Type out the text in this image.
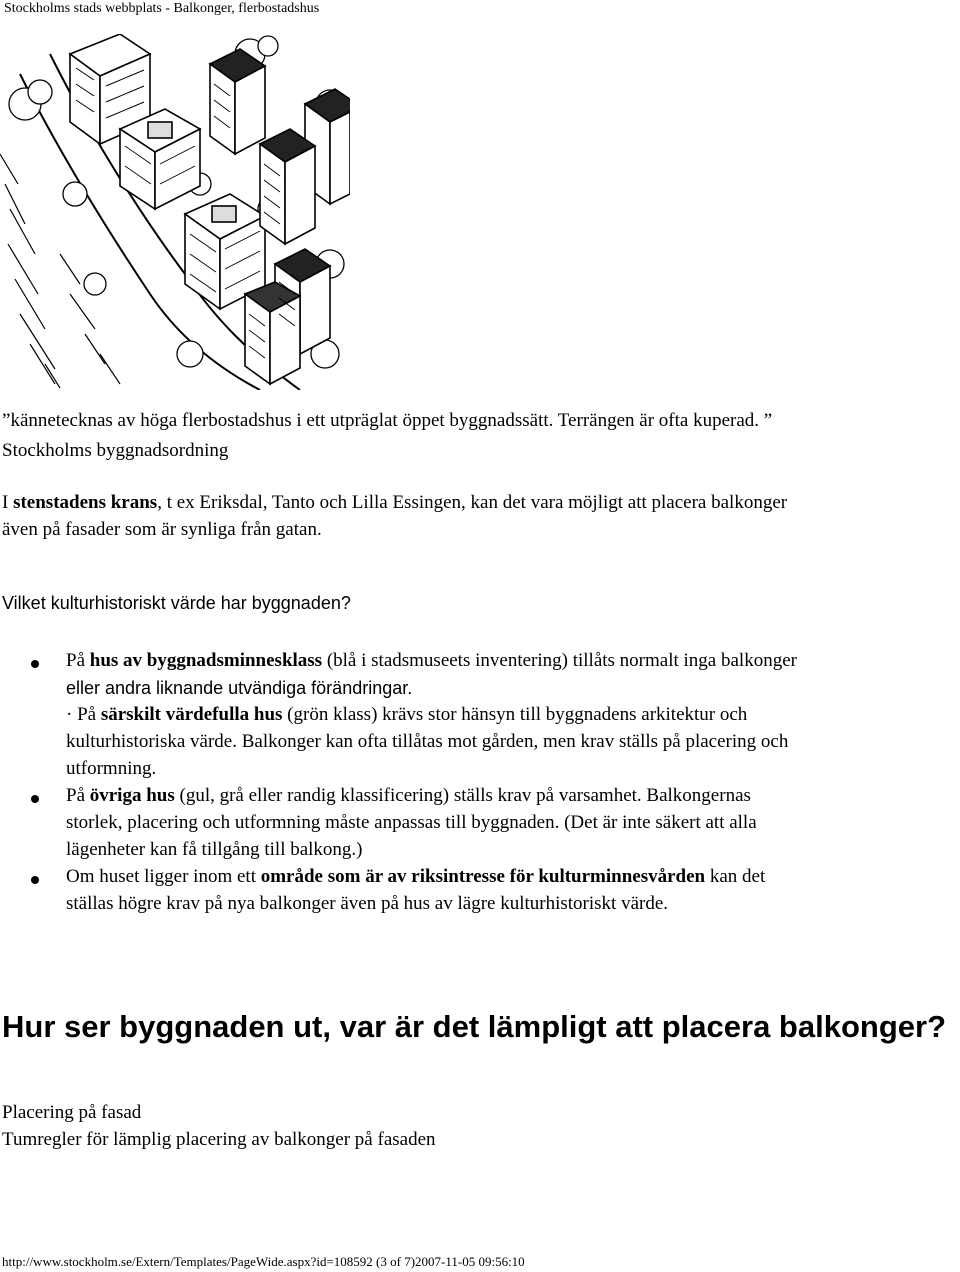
Stockholms stads webbplats - Balkonger, flerbostadshus
”kännetecknas av höga flerbostadshus i ett utpräglat öppet byggnadssätt. Terrängen är ofta kuperad. ”
Stockholms byggnadsordning
I stenstadens krans, t ex Eriksdal, Tanto och Lilla Essingen, kan det vara möjligt att placera balkonger
även på fasader som är synliga från gatan.
Vilket kulturhistoriskt värde har byggnaden?
På hus av byggnadsminnesklass (blå i stadsmuseets inventering) tillåts normalt inga balkonger
eller andra liknande utvändiga förändringar.
· På särskilt värdefulla hus (grön klass) krävs stor hänsyn till byggnadens arkitektur och
kulturhistoriska värde. Balkonger kan ofta tillåtas mot gården, men krav ställs på placering och
utformning.
På övriga hus (gul, grå eller randig klassificering) ställs krav på varsamhet. Balkongernas
storlek, placering och utformning måste anpassas till byggnaden. (Det är inte säkert att alla
lägenheter kan få tillgång till balkong.)
Om huset ligger inom ett område som är av riksintresse för kulturminnesvården kan det
ställas högre krav på nya balkonger även på hus av lägre kulturhistoriskt värde.
Hur ser byggnaden ut, var är det lämpligt att placera balkonger?
Placering på fasad
Tumregler för lämplig placering av balkonger på fasaden
http://www.stockholm.se/Extern/Templates/PageWide.aspx?id=108592 (3 of 7)2007-11-05 09:56:10
